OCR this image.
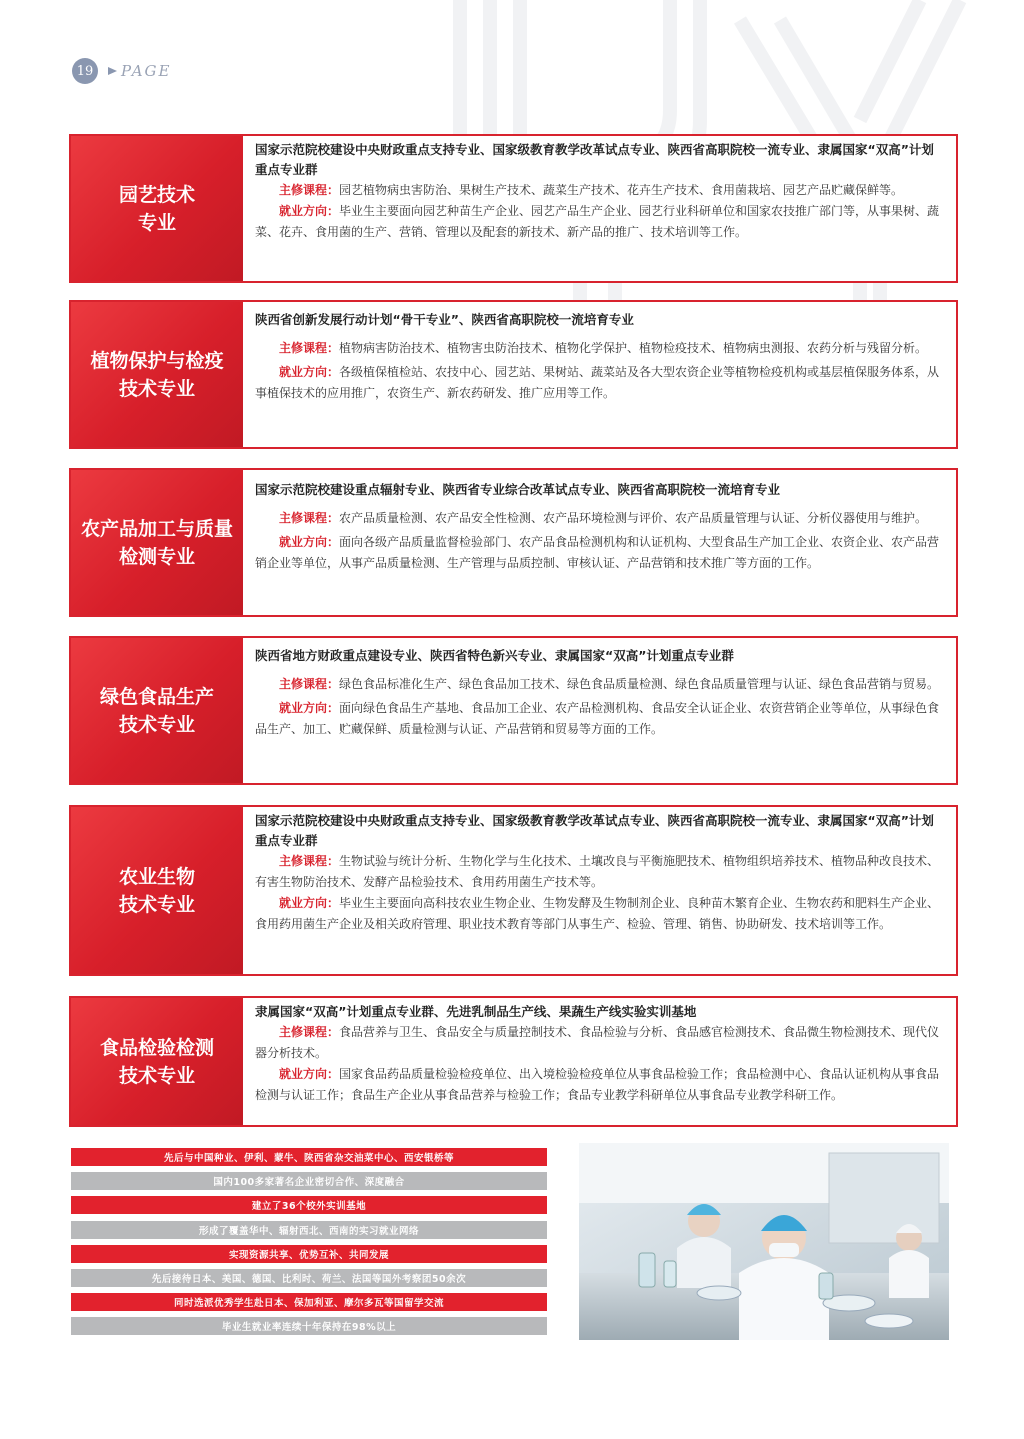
19	PAGE
园艺技术
专业
国家示范院校建设中央财政重点支持专业、国家级教育教学改革试点专业、陕西省高职院校一流专业、隶属国家“双高”计划重点专业群
主修课程：园艺植物病虫害防治、果树生产技术、蔬菜生产技术、花卉生产技术、食用菌栽培、园艺产品贮藏保鲜等。
就业方向：毕业生主要面向园艺种苗生产企业、园艺产品生产企业、园艺行业科研单位和国家农技推广部门等，从事果树、蔬菜、花卉、食用菌的生产、营销、管理以及配套的新技术、新产品的推广、技术培训等工作。
植物保护与检疫
技术专业
陕西省创新发展行动计划“骨干专业”、陕西省高职院校一流培育专业
主修课程：植物病害防治技术、植物害虫防治技术、植物化学保护、植物检疫技术、植物病虫测报、农药分析与残留分析。
就业方向：各级植保植检站、农技中心、园艺站、果树站、蔬菜站及各大型农资企业等植物检疫机构或基层植保服务体系，从事植保技术的应用推广，农资生产、新农药研发、推广应用等工作。
农产品加工与质量
检测专业
国家示范院校建设重点辐射专业、陕西省专业综合改革试点专业、陕西省高职院校一流培育专业
主修课程：农产品质量检测、农产品安全性检测、农产品环境检测与评价、农产品质量管理与认证、分析仪器使用与维护。
就业方向：面向各级产品质量监督检验部门、农产品食品检测机构和认证机构、大型食品生产加工企业、农资企业、农产品营销企业等单位，从事产品质量检测、生产管理与品质控制、审核认证、产品营销和技术推广等方面的工作。
绿色食品生产
技术专业
陕西省地方财政重点建设专业、陕西省特色新兴专业、隶属国家“双高”计划重点专业群
主修课程：绿色食品标准化生产、绿色食品加工技术、绿色食品质量检测、绿色食品质量管理与认证、绿色食品营销与贸易。
就业方向：面向绿色食品生产基地、食品加工企业、农产品检测机构、食品安全认证企业、农资营销企业等单位，从事绿色食品生产、加工、贮藏保鲜、质量检测与认证、产品营销和贸易等方面的工作。
农业生物
技术专业
国家示范院校建设中央财政重点支持专业、国家级教育教学改革试点专业、陕西省高职院校一流专业、隶属国家“双高”计划重点专业群
主修课程：生物试验与统计分析、生物化学与生化技术、土壤改良与平衡施肥技术、植物组织培养技术、植物品种改良技术、有害生物防治技术、发酵产品检验技术、食用药用菌生产技术等。
就业方向：毕业生主要面向高科技农业生物企业、生物发酵及生物制剂企业、良种苗木繁育企业、生物农药和肥料生产企业、食用药用菌生产企业及相关政府管理、职业技术教育等部门从事生产、检验、管理、销售、协助研发、技术培训等工作。
食品检验检测
技术专业
隶属国家“双高”计划重点专业群、先进乳制品生产线、果蔬生产线实验实训基地
主修课程：食品营养与卫生、食品安全与质量控制技术、食品检验与分析、食品感官检测技术、食品微生物检测技术、现代仪器分析技术。
就业方向：国家食品药品质量检验检疫单位、出入境检验检疫单位从事食品检验工作；食品检测中心、食品认证机构从事食品检测与认证工作；食品生产企业从事食品营养与检验工作；食品专业教学科研单位从事食品专业教学科研工作。
先后与中国种业、伊利、蒙牛、陕西省杂交油菜中心、西安银桥等
国内100多家著名企业密切合作、深度融合
建立了36个校外实训基地
形成了覆盖华中、辐射西北、西南的实习就业网络
实现资源共享、优势互补、共同发展
先后接待日本、美国、德国、比利时、荷兰、法国等国外考察团50余次
同时选派优秀学生赴日本、保加利亚、摩尔多瓦等国留学交流
毕业生就业率连续十年保持在98%以上
